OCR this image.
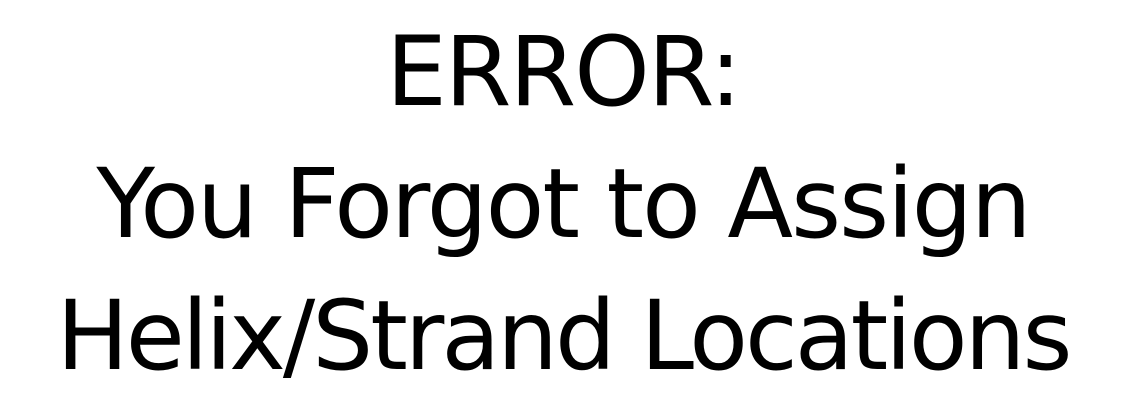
ERROR:
You Forgot to Assign
Helix/Strand Locations
